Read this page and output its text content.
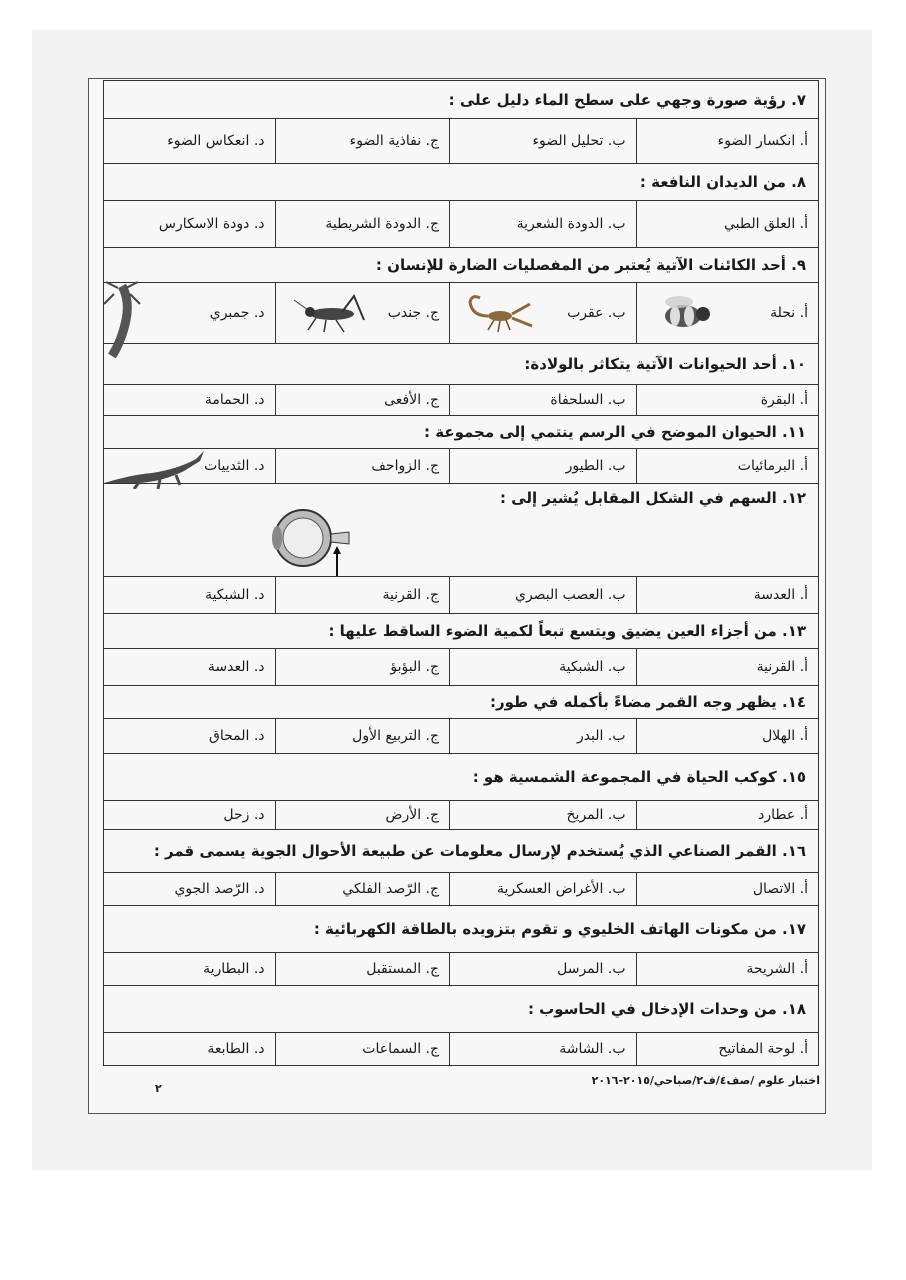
٧. رؤية صورة وجهي على سطح الماء دليل على :
أ. انكسار الضوء
ب. تحليل الضوء
ج. نفاذية الضوء
د. انعكاس الضوء
٨. من الديدان النافعة :
أ. العلق الطبي
ب. الدودة الشعرية
ج. الدودة الشريطية
د. دودة الاسكارس
٩. أحد الكائنات الآتية يُعتبر من المفصليات الضارة للإنسان :
أ. نحلة
ب. عقرب
ج. جندب
د. جمبري
١٠. أحد الحيوانات الآتية يتكاثر بالولادة:
أ. البقرة
ب. السلحفاة
ج. الأفعى
د. الحمامة
١١. الحيوان الموضح في الرسم ينتمي إلى مجموعة :
أ. البرمائيات
ب. الطيور
ج. الزواحف
د. الثدييات
١٢. السهم في الشكل المقابل يُشير إلى :
أ. العدسة
ب. العصب البصري
ج. القرنية
د. الشبكية
١٣. من أجزاء العين يضيق ويتسع تبعاً لكمية الضوء الساقط عليها :
أ. القرنية
ب. الشبكية
ج. البؤبؤ
د. العدسة
١٤. يظهر وجه القمر مضاءً بأكمله في طور:
أ. الهلال
ب. البدر
ج. التربيع الأول
د. المحاق
١٥. كوكب الحياة في المجموعة الشمسية هو :
أ. عطارد
ب. المريخ
ج. الأرض
د. زحل
١٦. القمر الصناعي الذي يُستخدم لإرسال معلومات عن طبيعة الأحوال الجوية يسمى قمر :
أ. الاتصال
ب. الأغراض العسكرية
ج. الرّصد الفلكي
د. الرّصد الجوي
١٧. من مكونات الهاتف الخليوي و تقوم بتزويده بالطاقة الكهربائية :
أ. الشريحة
ب. المرسل
ج. المستقبل
د. البطارية
١٨. من وحدات الإدخال في الحاسوب :
أ. لوحة المفاتيح
ب. الشاشة
ج. السماعات
د. الطابعة
اختبار علوم /صف٤/ف٢/صباحي/٢٠١٥-٢٠١٦
٢
